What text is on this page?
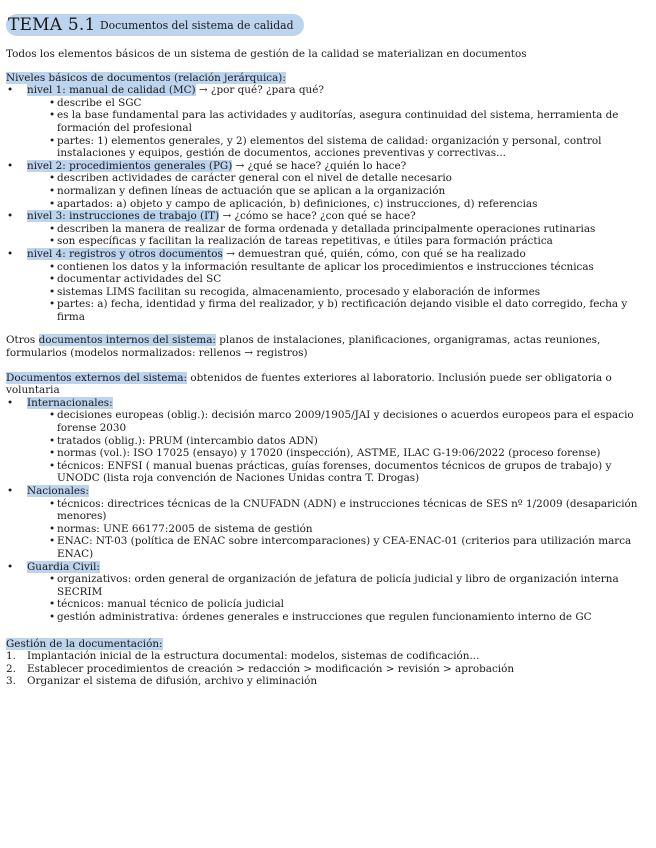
TEMA 5.1 Documentos del sistema de calidad

Todos los elementos básicos de un sistema de gestión de la calidad se materializan en documentos

Niveles básicos de documentos (relación jerárquica):

• nivel 1: manual de calidad (MC) → ¿por qué? ¿para qué?
• describe el SGC
• es la base fundamental para las actividades y auditorías, asegura continuidad del sistema, herramienta de formación del profesional
• partes: 1) elementos generales, y 2) elementos del sistema de calidad: organización y personal, control instalaciones y equipos, gestión de documentos, acciones preventivas y correctivas...
• nivel 2: procedimientos generales (PG) → ¿qué se hace? ¿quién lo hace?
• describen actividades de carácter general con el nivel de detalle necesario
• normalizan y definen líneas de actuación que se aplican a la organización
• apartados: a) objeto y campo de aplicación, b) definiciones, c) instrucciones, d) referencias
• nivel 3: instrucciones de trabajo (IT) → ¿cómo se hace? ¿con qué se hace?
• describen la manera de realizar de forma ordenada y detallada principalmente operaciones rutinarias
• son específicas y facilitan la realización de tareas repetitivas, e útiles para formación práctica
• nivel 4: registros y otros documentos → demuestran qué, quién, cómo, con qué se ha realizado
• contienen los datos y la información resultante de aplicar los procedimientos e instrucciones técnicas
• documentar actividades del SC
• sistemas LIMS facilitan su recogida, almacenamiento, procesado y elaboración de informes
• partes: a) fecha, identidad y firma del realizador, y b) rectificación dejando visible el dato corregido, fecha y firma

Otros documentos internos del sistema: planos de instalaciones, planificaciones, organigramas, actas reuniones, formularios (modelos normalizados: rellenos → registros)

Documentos externos del sistema: obtenidos de fuentes exteriores al laboratorio. Inclusión puede ser obligatoria o voluntaria

• Internacionales:
• decisiones europeas (oblig.): decisión marco 2009/1905/JAI y decisiones o acuerdos europeos para el espacio forense 2030
• tratados (oblig.): PRUM (intercambio datos ADN)
• normas (vol.): ISO 17025 (ensayo) y 17020 (inspección), ASTME, ILAC G-19:06/2022 (proceso forense)
• técnicos: ENFSI ( manual buenas prácticas, guías forenses, documentos técnicos de grupos de trabajo) y UNODC (lista roja convención de Naciones Unidas contra T. Drogas)
• Nacionales:
• técnicos: directrices técnicas de la CNUFADN (ADN) e instrucciones técnicas de SES nº 1/2009 (desaparición menores)
• normas: UNE 66177:2005 de sistema de gestión
• ENAC: NT-03 (política de ENAC sobre intercomparaciones) y CEA-ENAC-01 (criterios para utilización marca ENAC)
• Guardia Civil:
• organizativos: orden general de organización de jefatura de policía judicial y libro de organización interna SECRIM
• técnicos: manual técnico de policía judicial
• gestión administrativa: órdenes generales e instrucciones que regulen funcionamiento interno de GC

Gestión de la documentación:

1. Implantación inicial de la estructura documental: modelos, sistemas de codificación...
2. Establecer procedimientos de creación > redacción > modificación > revisión > aprobación
3. Organizar el sistema de difusión, archivo y eliminación
